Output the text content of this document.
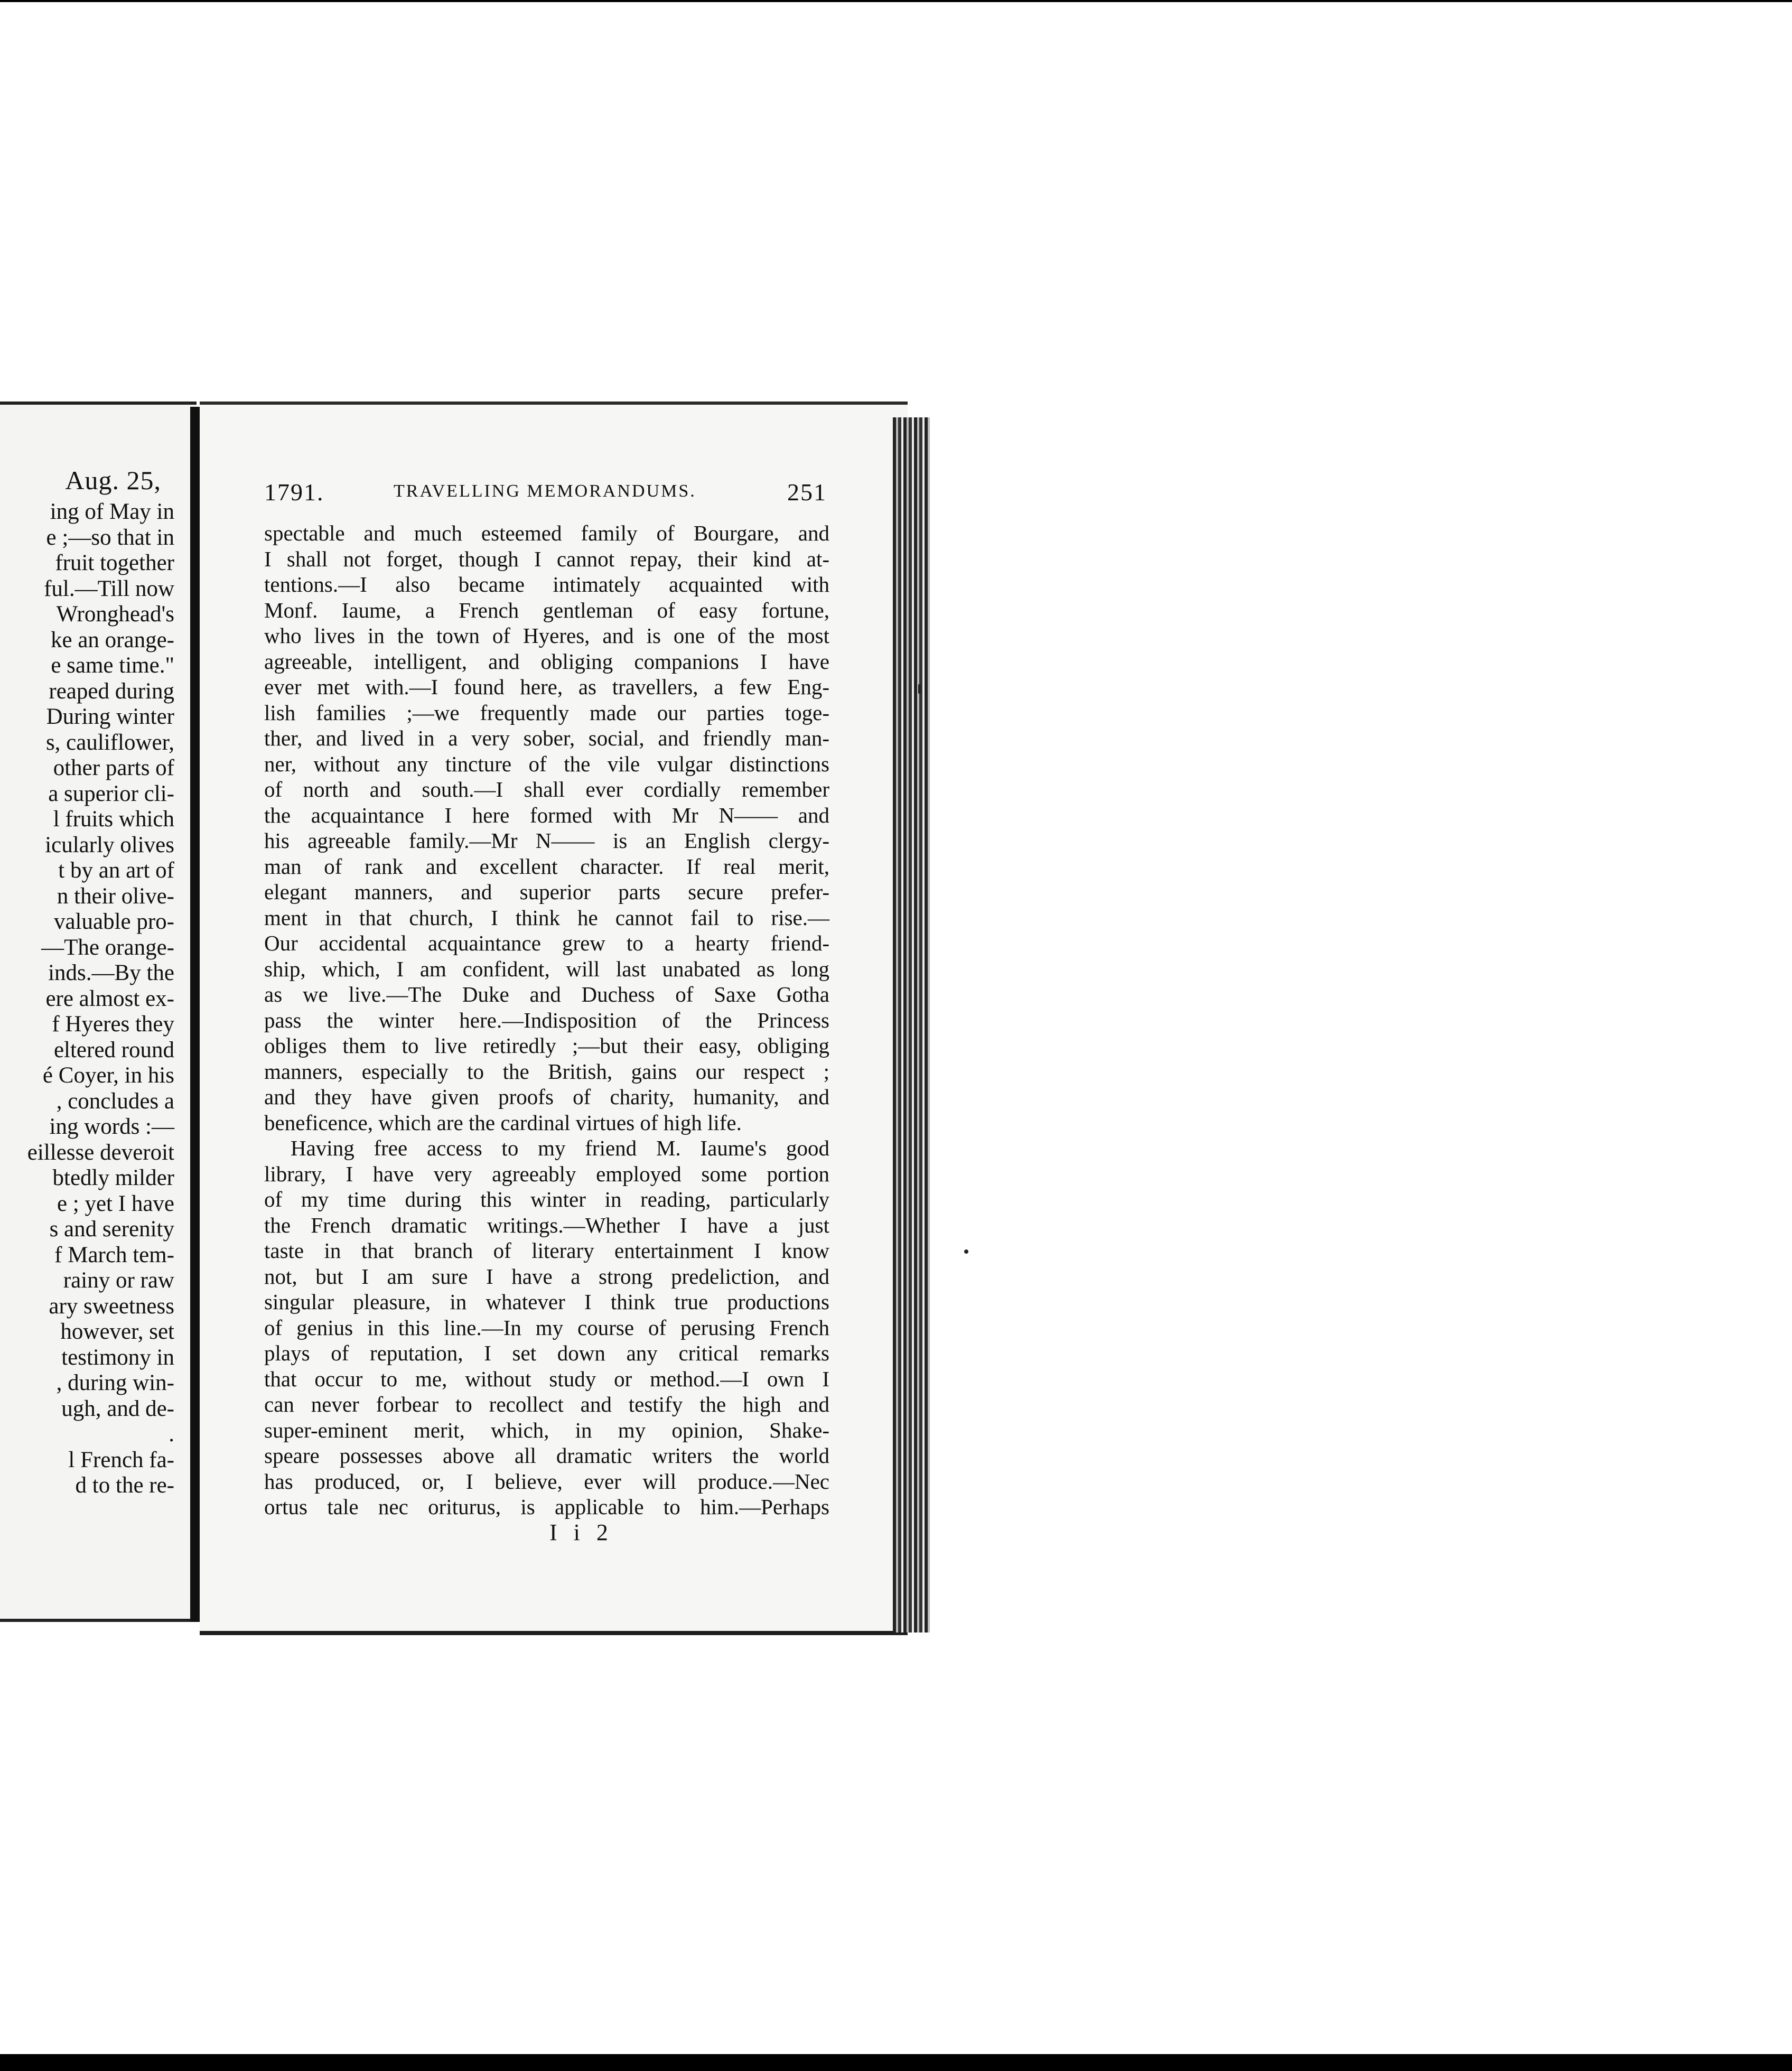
Aug. 25,
ing of May in
e ;—so that in
fruit together
ful.—Till now
Wronghead's
ke an orange-
e same time."
reaped during
During winter
s, cauliflower,
other parts of
a superior cli-
l fruits which
icularly olives
t by an art of
n their olive-
valuable pro-
—The orange-
inds.—By the
ere almost ex-
f Hyeres they
eltered round
é Coyer, in his
, concludes a
ing words :—
eillesse deveroit
btedly milder
e ; yet I have
s and serenity
f March tem-
rainy or raw
ary sweetness
however, set
testimony in
, during win-
ugh, and de-
.
l French fa-
d to the re-
1791.	TRAVELLING MEMORANDUMS.	251
spectable and much esteemed family of Bourgare, and
I shall not forget, though I cannot repay, their kind at-
tentions.—I also became intimately acquainted with
Monf. Iaume, a French gentleman of easy fortune,
who lives in the town of Hyeres, and is one of the most
agreeable, intelligent, and obliging companions I have
ever met with.—I found here, as travellers, a few Eng-
lish families ;—we frequently made our parties toge-
ther, and lived in a very sober, social, and friendly man-
ner, without any tincture of the vile vulgar distinctions
of north and south.—I shall ever cordially remember
the acquaintance I here formed with Mr N—— and
his agreeable family.—Mr N—— is an English clergy-
man of rank and excellent character. If real merit,
elegant manners, and superior parts secure prefer-
ment in that church, I think he cannot fail to rise.—
Our accidental acquaintance grew to a hearty friend-
ship, which, I am confident, will last unabated as long
as we live.—The Duke and Duchess of Saxe Gotha
pass the winter here.—Indisposition of the Princess
obliges them to live retiredly ;—but their easy, obliging
manners, especially to the British, gains our respect ;
and they have given proofs of charity, humanity, and
beneficence, which are the cardinal virtues of high life.
Having free access to my friend M. Iaume's good
library, I have very agreeably employed some portion
of my time during this winter in reading, particularly
the French dramatic writings.—Whether I have a just
taste in that branch of literary entertainment I know
not, but I am sure I have a strong predeliction, and
singular pleasure, in whatever I think true productions
of genius in this line.—In my course of perusing French
plays of reputation, I set down any critical remarks
that occur to me, without study or method.—I own I
can never forbear to recollect and testify the high and
super-eminent merit, which, in my opinion, Shake-
speare possesses above all dramatic writers the world
has produced, or, I believe, ever will produce.—Nec
ortus tale nec oriturus, is applicable to him.—Perhaps
I i 2
